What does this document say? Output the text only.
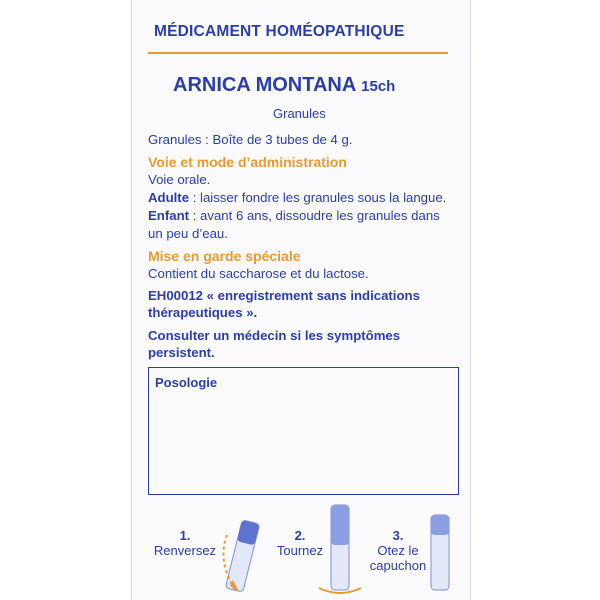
MÉDICAMENT HOMÉOPATHIQUE
ARNICA MONTANA 15ch
Granules
Granules : Boîte de 3 tubes de 4 g.
Voie et mode d’administration
Voie orale.
Adulte : laisser fondre les granules sous la langue.
Enfant : avant 6 ans, dissoudre les granules dans
un peu d’eau.
Mise en garde spéciale
Contient du saccharose et du lactose.
EH00012 « enregistrement sans indications
thérapeutiques ».
Consulter un médecin si les symptômes
persistent.
Posologie
1.
Renversez
2.
Tournez
3.
Otez le
capuchon
